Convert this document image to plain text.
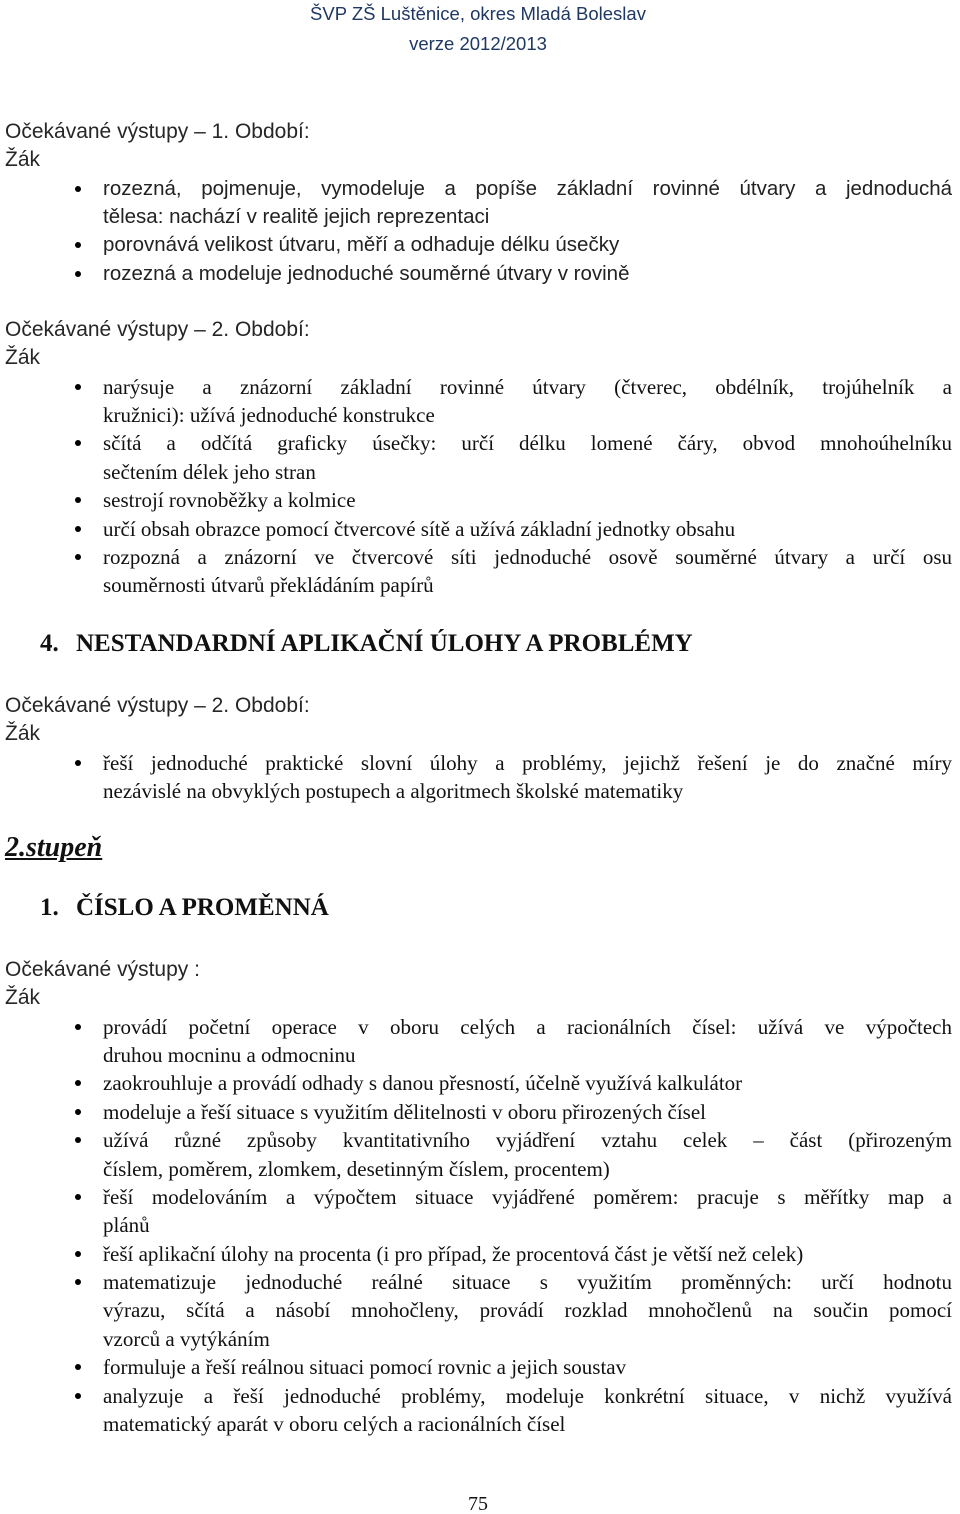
ŠVP ZŠ Luštěnice, okres Mladá Boleslav
verze 2012/2013
Očekávané výstupy – 1. Období:
Žák
rozezná, pojmenuje, vymodeluje a popíše základní rovinné útvary a jednoduchá
tělesa: nachází v realitě jejich reprezentaci
porovnává velikost útvaru, měří a odhaduje délku úsečky
rozezná a modeluje jednoduché souměrné útvary v rovině
Očekávané výstupy – 2. Období:
Žák
narýsuje a znázorní základní rovinné útvary (čtverec, obdélník, trojúhelník a
kružnici): užívá jednoduché konstrukce
sčítá a odčítá graficky úsečky: určí délku lomené čáry, obvod mnohoúhelníku
sečtením délek jeho stran
sestrojí rovnoběžky a kolmice
určí obsah obrazce pomocí čtvercové sítě a užívá základní jednotky obsahu
rozpozná a znázorní ve čtvercové síti jednoduché osově souměrné útvary a určí osu
souměrnosti útvarů překládáním papírů
4. NESTANDARDNÍ APLIKAČNÍ ÚLOHY A PROBLÉMY
Očekávané výstupy – 2. Období:
Žák
řeší jednoduché praktické slovní úlohy a problémy, jejichž řešení je do značné míry
nezávislé na obvyklých postupech a algoritmech školské matematiky
2.stupeň
1. ČÍSLO A PROMĚNNÁ
Očekávané výstupy :
Žák
provádí početní operace v oboru celých a racionálních čísel: užívá ve výpočtech
druhou mocninu a odmocninu
zaokrouhluje a provádí odhady s danou přesností, účelně využívá kalkulátor
modeluje a řeší situace s využitím dělitelnosti v oboru přirozených čísel
užívá různé způsoby kvantitativního vyjádření vztahu celek – část (přirozeným
číslem, poměrem, zlomkem, desetinným číslem, procentem)
řeší modelováním a výpočtem situace vyjádřené poměrem: pracuje s měřítky map a
plánů
řeší aplikační úlohy na procenta (i pro případ, že procentová část je větší než celek)
matematizuje jednoduché reálné situace s využitím proměnných: určí hodnotu
výrazu, sčítá a násobí mnohočleny, provádí rozklad mnohočlenů na součin pomocí
vzorců a vytýkáním
formuluje a řeší reálnou situaci pomocí rovnic a jejich soustav
analyzuje a řeší jednoduché problémy, modeluje konkrétní situace, v nichž využívá
matematický aparát v oboru celých a racionálních čísel
75
